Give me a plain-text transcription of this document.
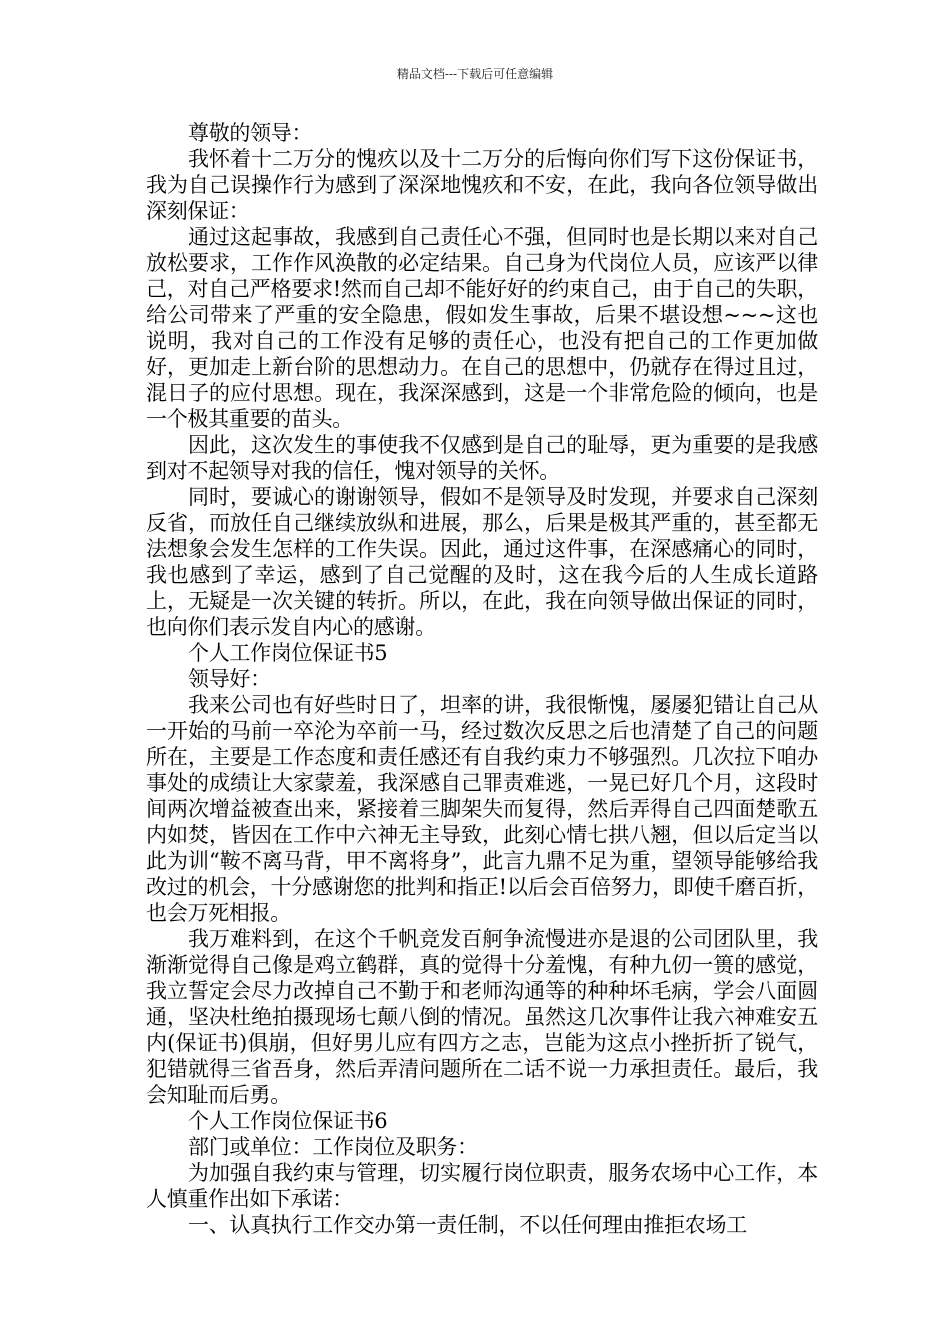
精品文档---下载后可任意编辑

尊敬的领导：

我怀着十二万分的愧疚以及十二万分的后悔向你们写下这份保证书，我为自己误操作行为感到了深深地愧疚和不安，在此，我向各位领导做出深刻保证：

通过这起事故，我感到自己责任心不强，但同时也是长期以来对自己放松要求，工作作风涣散的必定结果。自己身为代岗位人员，应该严以律己，对自己严格要求!然而自己却不能好好的约束自己，由于自己的失职，给公司带来了严重的安全隐患，假如发生事故，后果不堪设想~~~这也说明，我对自己的工作没有足够的责任心，也没有把自己的工作更加做好，更加走上新台阶的思想动力。在自己的思想中，仍就存在得过且过，混日子的应付思想。现在，我深深感到，这是一个非常危险的倾向，也是一个极其重要的苗头。

因此，这次发生的事使我不仅感到是自己的耻辱，更为重要的是我感到对不起领导对我的信任，愧对领导的关怀。

同时，要诚心的谢谢领导，假如不是领导及时发现，并要求自己深刻反省，而放任自己继续放纵和进展，那么，后果是极其严重的，甚至都无法想象会发生怎样的工作失误。因此，通过这件事，在深感痛心的同时，我也感到了幸运，感到了自己觉醒的及时，这在我今后的人生成长道路上，无疑是一次关键的转折。所以，在此，我在向领导做出保证的同时，也向你们表示发自内心的感谢。

个人工作岗位保证书5

领导好：

我来公司也有好些时日了，坦率的讲，我很惭愧，屡屡犯错让自己从一开始的马前一卒沦为卒前一马，经过数次反思之后也清楚了自己的问题所在，主要是工作态度和责任感还有自我约束力不够强烈。几次拉下咱办事处的成绩让大家蒙羞，我深感自己罪责难逃，一晃已好几个月，这段时间两次增益被查出来，紧接着三脚架失而复得，然后弄得自己四面楚歌五内如焚，皆因在工作中六神无主导致，此刻心情七拱八翘，但以后定当以此为训“鞍不离马背，甲不离将身”，此言九鼎不足为重，望领导能够给我改过的机会，十分感谢您的批判和指正!以后会百倍努力，即使千磨百折，也会万死相报。

我万难料到，在这个千帆竞发百舸争流慢进亦是退的公司团队里，我渐渐觉得自己像是鸡立鹤群，真的觉得十分羞愧，有种九仞一篑的感觉，我立誓定会尽力改掉自己不勤于和老师沟通等的种种坏毛病，学会八面圆通，坚决杜绝拍摄现场七颠八倒的情况。虽然这几次事件让我六神难安五内(保证书)俱崩，但好男儿应有四方之志，岂能为这点小挫折折了锐气，犯错就得三省吾身，然后弄清问题所在二话不说一力承担责任。最后，我会知耻而后勇。

个人工作岗位保证书6

部门或单位：工作岗位及职务：

为加强自我约束与管理，切实履行岗位职责，服务农场中心工作，本人慎重作出如下承诺：

一、认真执行工作交办第一责任制，不以任何理由推拒农场工
